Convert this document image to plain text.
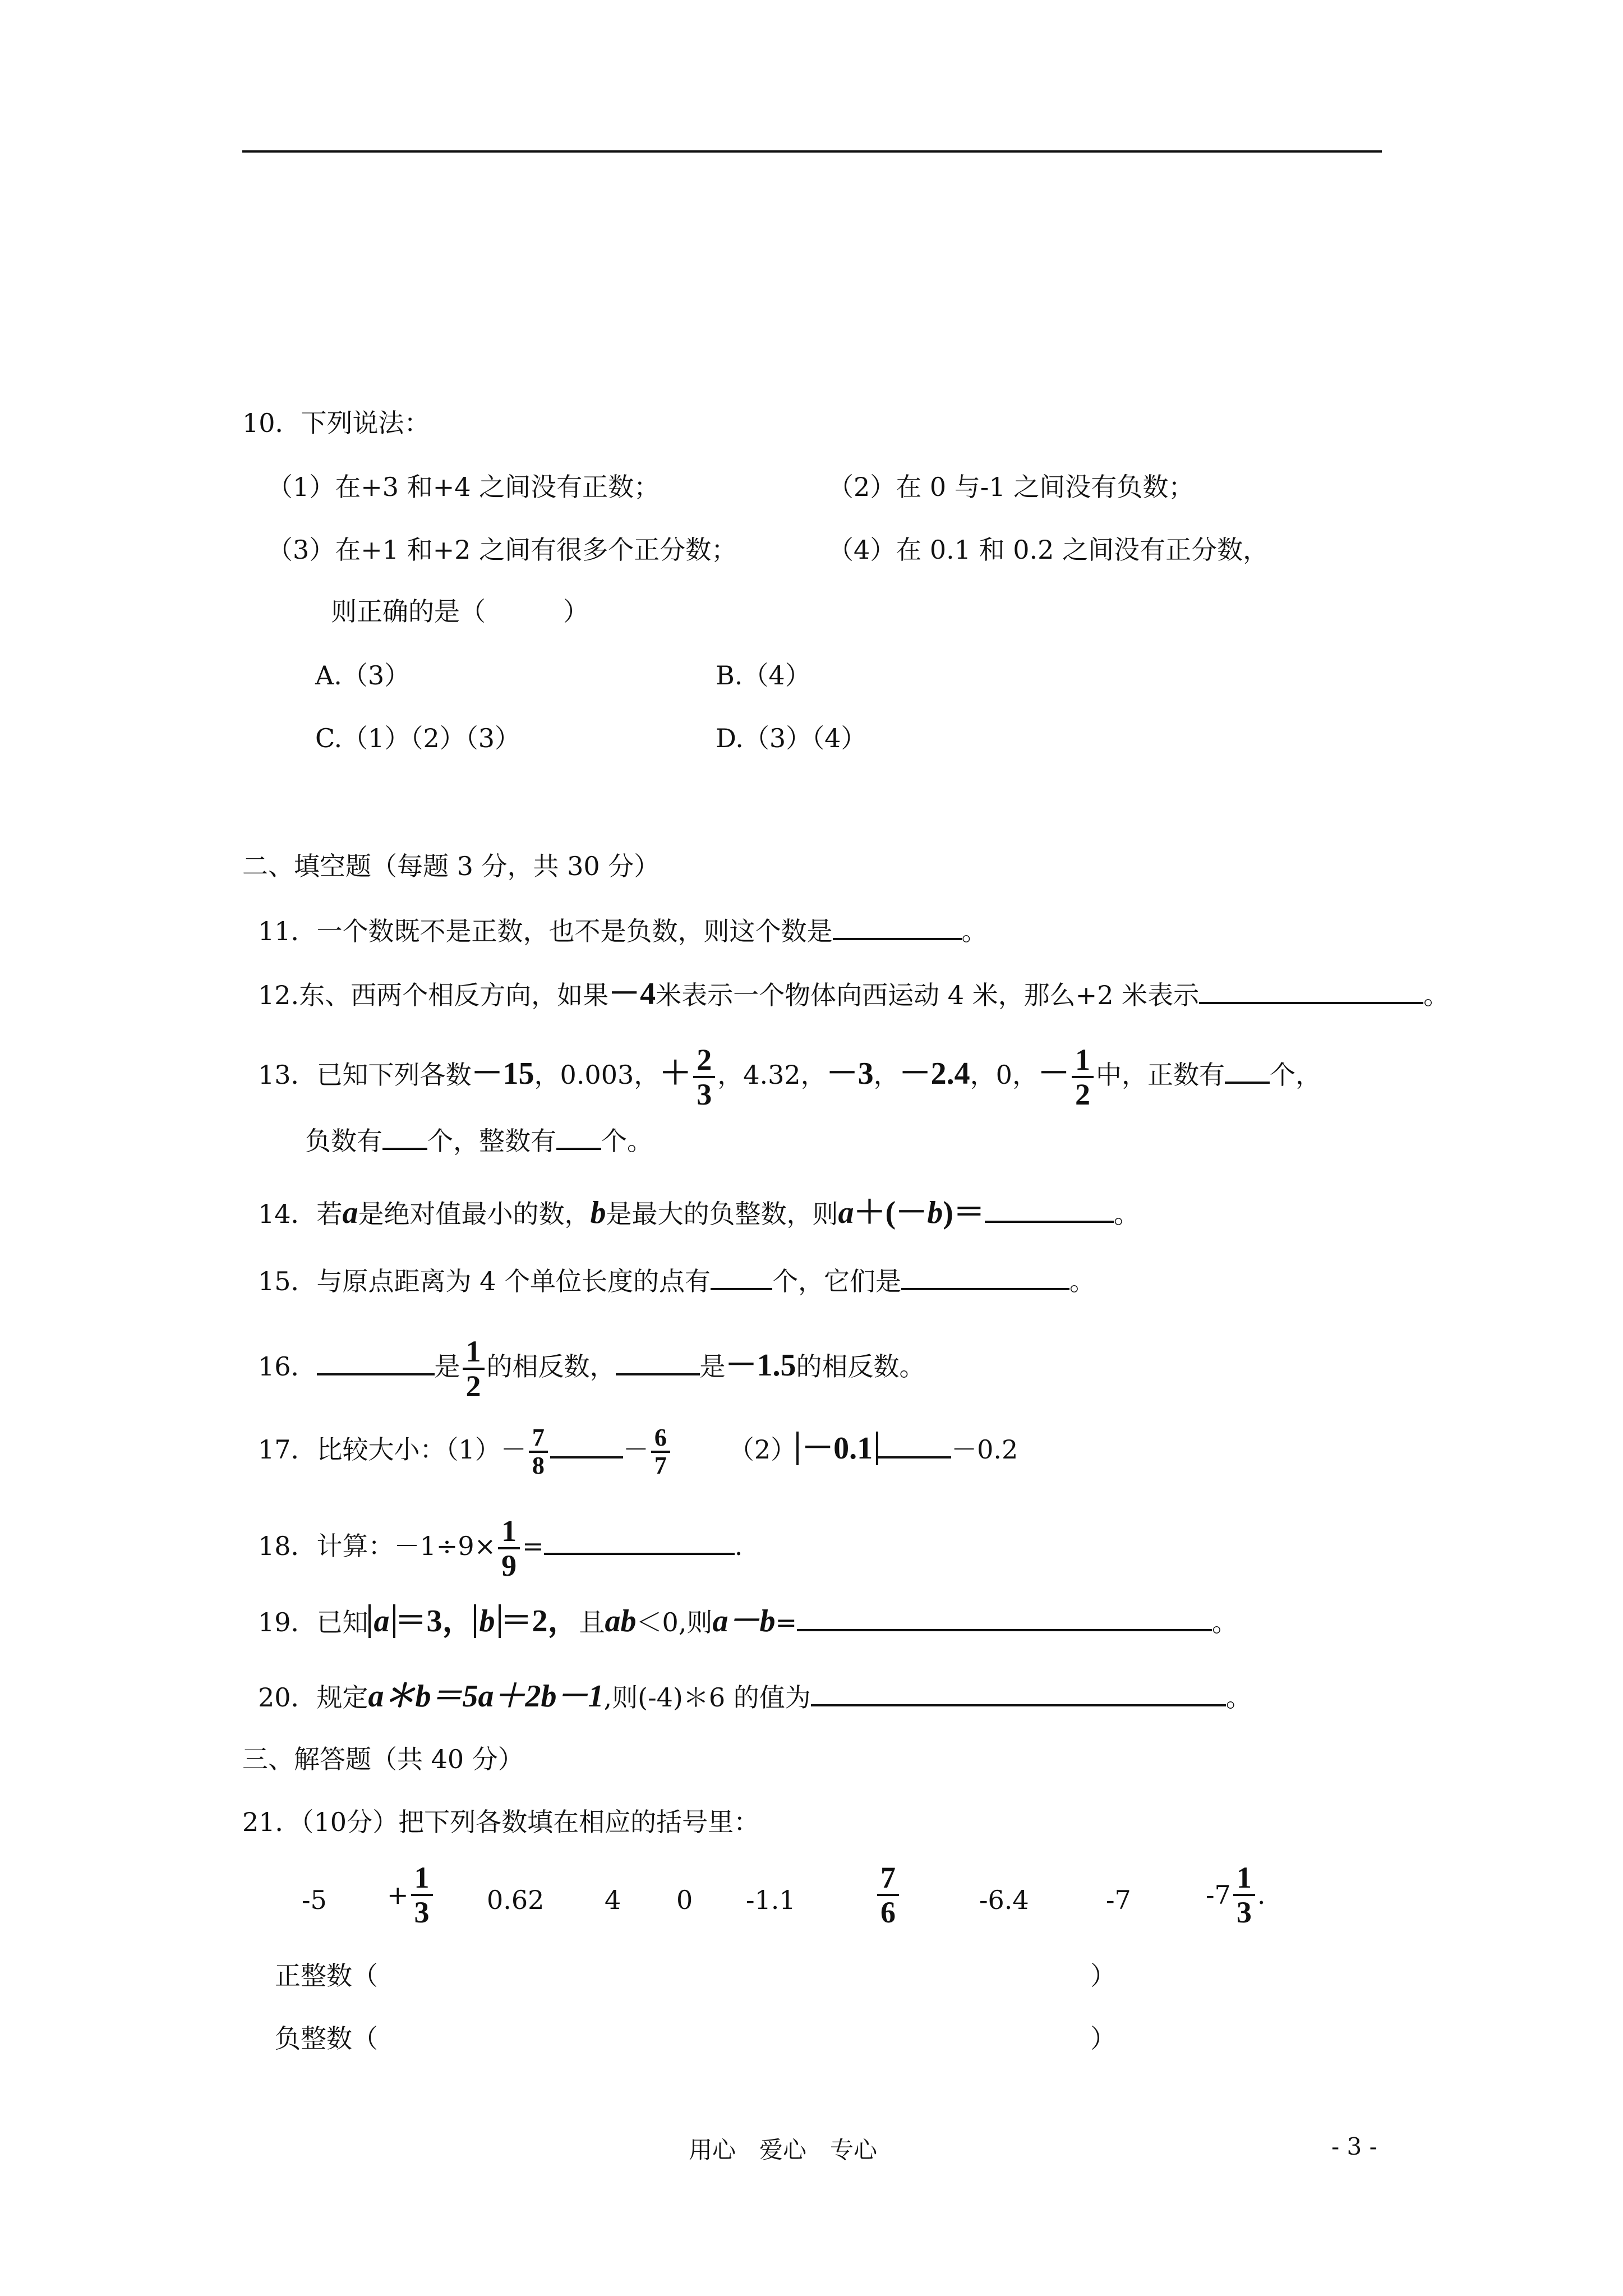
10．下列说法：
（1）在+3 和+4 之间没有正数；	（2）在 0 与-1 之间没有负数；
（3）在+1 和+2 之间有很多个正分数；	（4）在 0.1 和 0.2 之间没有正分数，
则正确的是（　　　）
A.（3）	B.（4）
C.（1）（2）（3）	D.（3）（4）
二、填空题（每题 3 分，共 30 分）
11．一个数既不是正数，也不是负数，则这个数是	。
12.东、西两个相反方向，如果－4米表示一个物体向西运动 4 米，那么+2 米表示	。
13．已知下列各数－15，0.003，＋ $\frac{2}{3}$ ，4.32，－3，－2.4，0，－ $\frac{1}{2}$ 中，正数有 个，
负数有 个，整数有 个。
14．若a是绝对值最小的数，b是最大的负整数，则a＋(－b)＝	。
15．与原点距离为 4 个单位长度的点有 个，它们是	。
16．	是 $\frac{1}{2}$ 的相反数，	是－1.5的相反数。
17．比较大小：$(1)- \frac{7}{8}$	－ $\frac{6}{7} (2) -0.1$	－0.2
18．计算：$-1\div 9\times \frac{1}{9}$ =	.
19．已知 a ＝3， b ＝2，且ab＜0,则a－b=	。
20．规定a＊b＝5a＋2b－1,则(-4)＊6 的值为	。
三、解答题（共 40 分）
21．（10分）把下列各数填在相应的括号里：
$-5 + \frac{1}{3} 0.62$ 4 0 -1.1	$\frac{7}{6}$	-6.4	-7	$-7 \frac{1}{3}$ .
正整数（	）
负整数（	）
用心　爱心　专心	- 3 -
